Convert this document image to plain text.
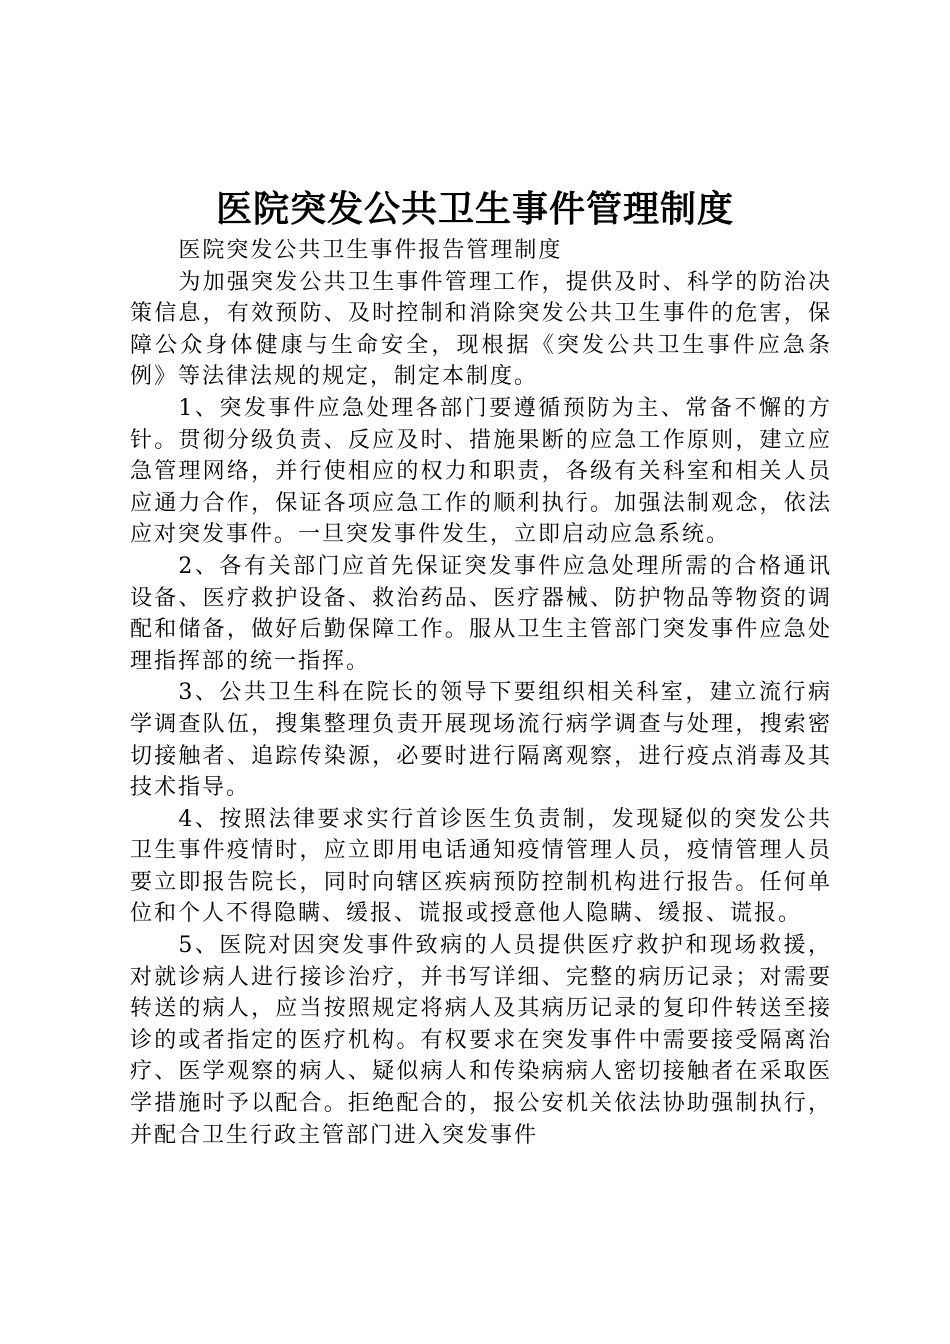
医院突发公共卫生事件管理制度

医院突发公共卫生事件报告管理制度

为加强突发公共卫生事件管理工作，提供及时、科学的防治决策信息，有效预防、及时控制和消除突发公共卫生事件的危害，保障公众身体健康与生命安全，现根据《突发公共卫生事件应急条例》等法律法规的规定，制定本制度。

1、突发事件应急处理各部门要遵循预防为主、常备不懈的方针。贯彻分级负责、反应及时、措施果断的应急工作原则，建立应急管理网络，并行使相应的权力和职责，各级有关科室和相关人员应通力合作，保证各项应急工作的顺利执行。加强法制观念，依法应对突发事件。一旦突发事件发生，立即启动应急系统。

2、各有关部门应首先保证突发事件应急处理所需的合格通讯设备、医疗救护设备、救治药品、医疗器械、防护物品等物资的调配和储备，做好后勤保障工作。服从卫生主管部门突发事件应急处理指挥部的统一指挥。

3、公共卫生科在院长的领导下要组织相关科室，建立流行病学调查队伍，搜集整理负责开展现场流行病学调查与处理，搜索密切接触者、追踪传染源，必要时进行隔离观察，进行疫点消毒及其技术指导。

4、按照法律要求实行首诊医生负责制，发现疑似的突发公共卫生事件疫情时，应立即用电话通知疫情管理人员，疫情管理人员要立即报告院长，同时向辖区疾病预防控制机构进行报告。任何单位和个人不得隐瞒、缓报、谎报或授意他人隐瞒、缓报、谎报。

5、医院对因突发事件致病的人员提供医疗救护和现场救援，对就诊病人进行接诊治疗，并书写详细、完整的病历记录；对需要转送的病人，应当按照规定将病人及其病历记录的复印件转送至接诊的或者指定的医疗机构。有权要求在突发事件中需要接受隔离治疗、医学观察的病人、疑似病人和传染病病人密切接触者在采取医学措施时予以配合。拒绝配合的，报公安机关依法协助强制执行，并配合卫生行政主管部门进入突发事件
